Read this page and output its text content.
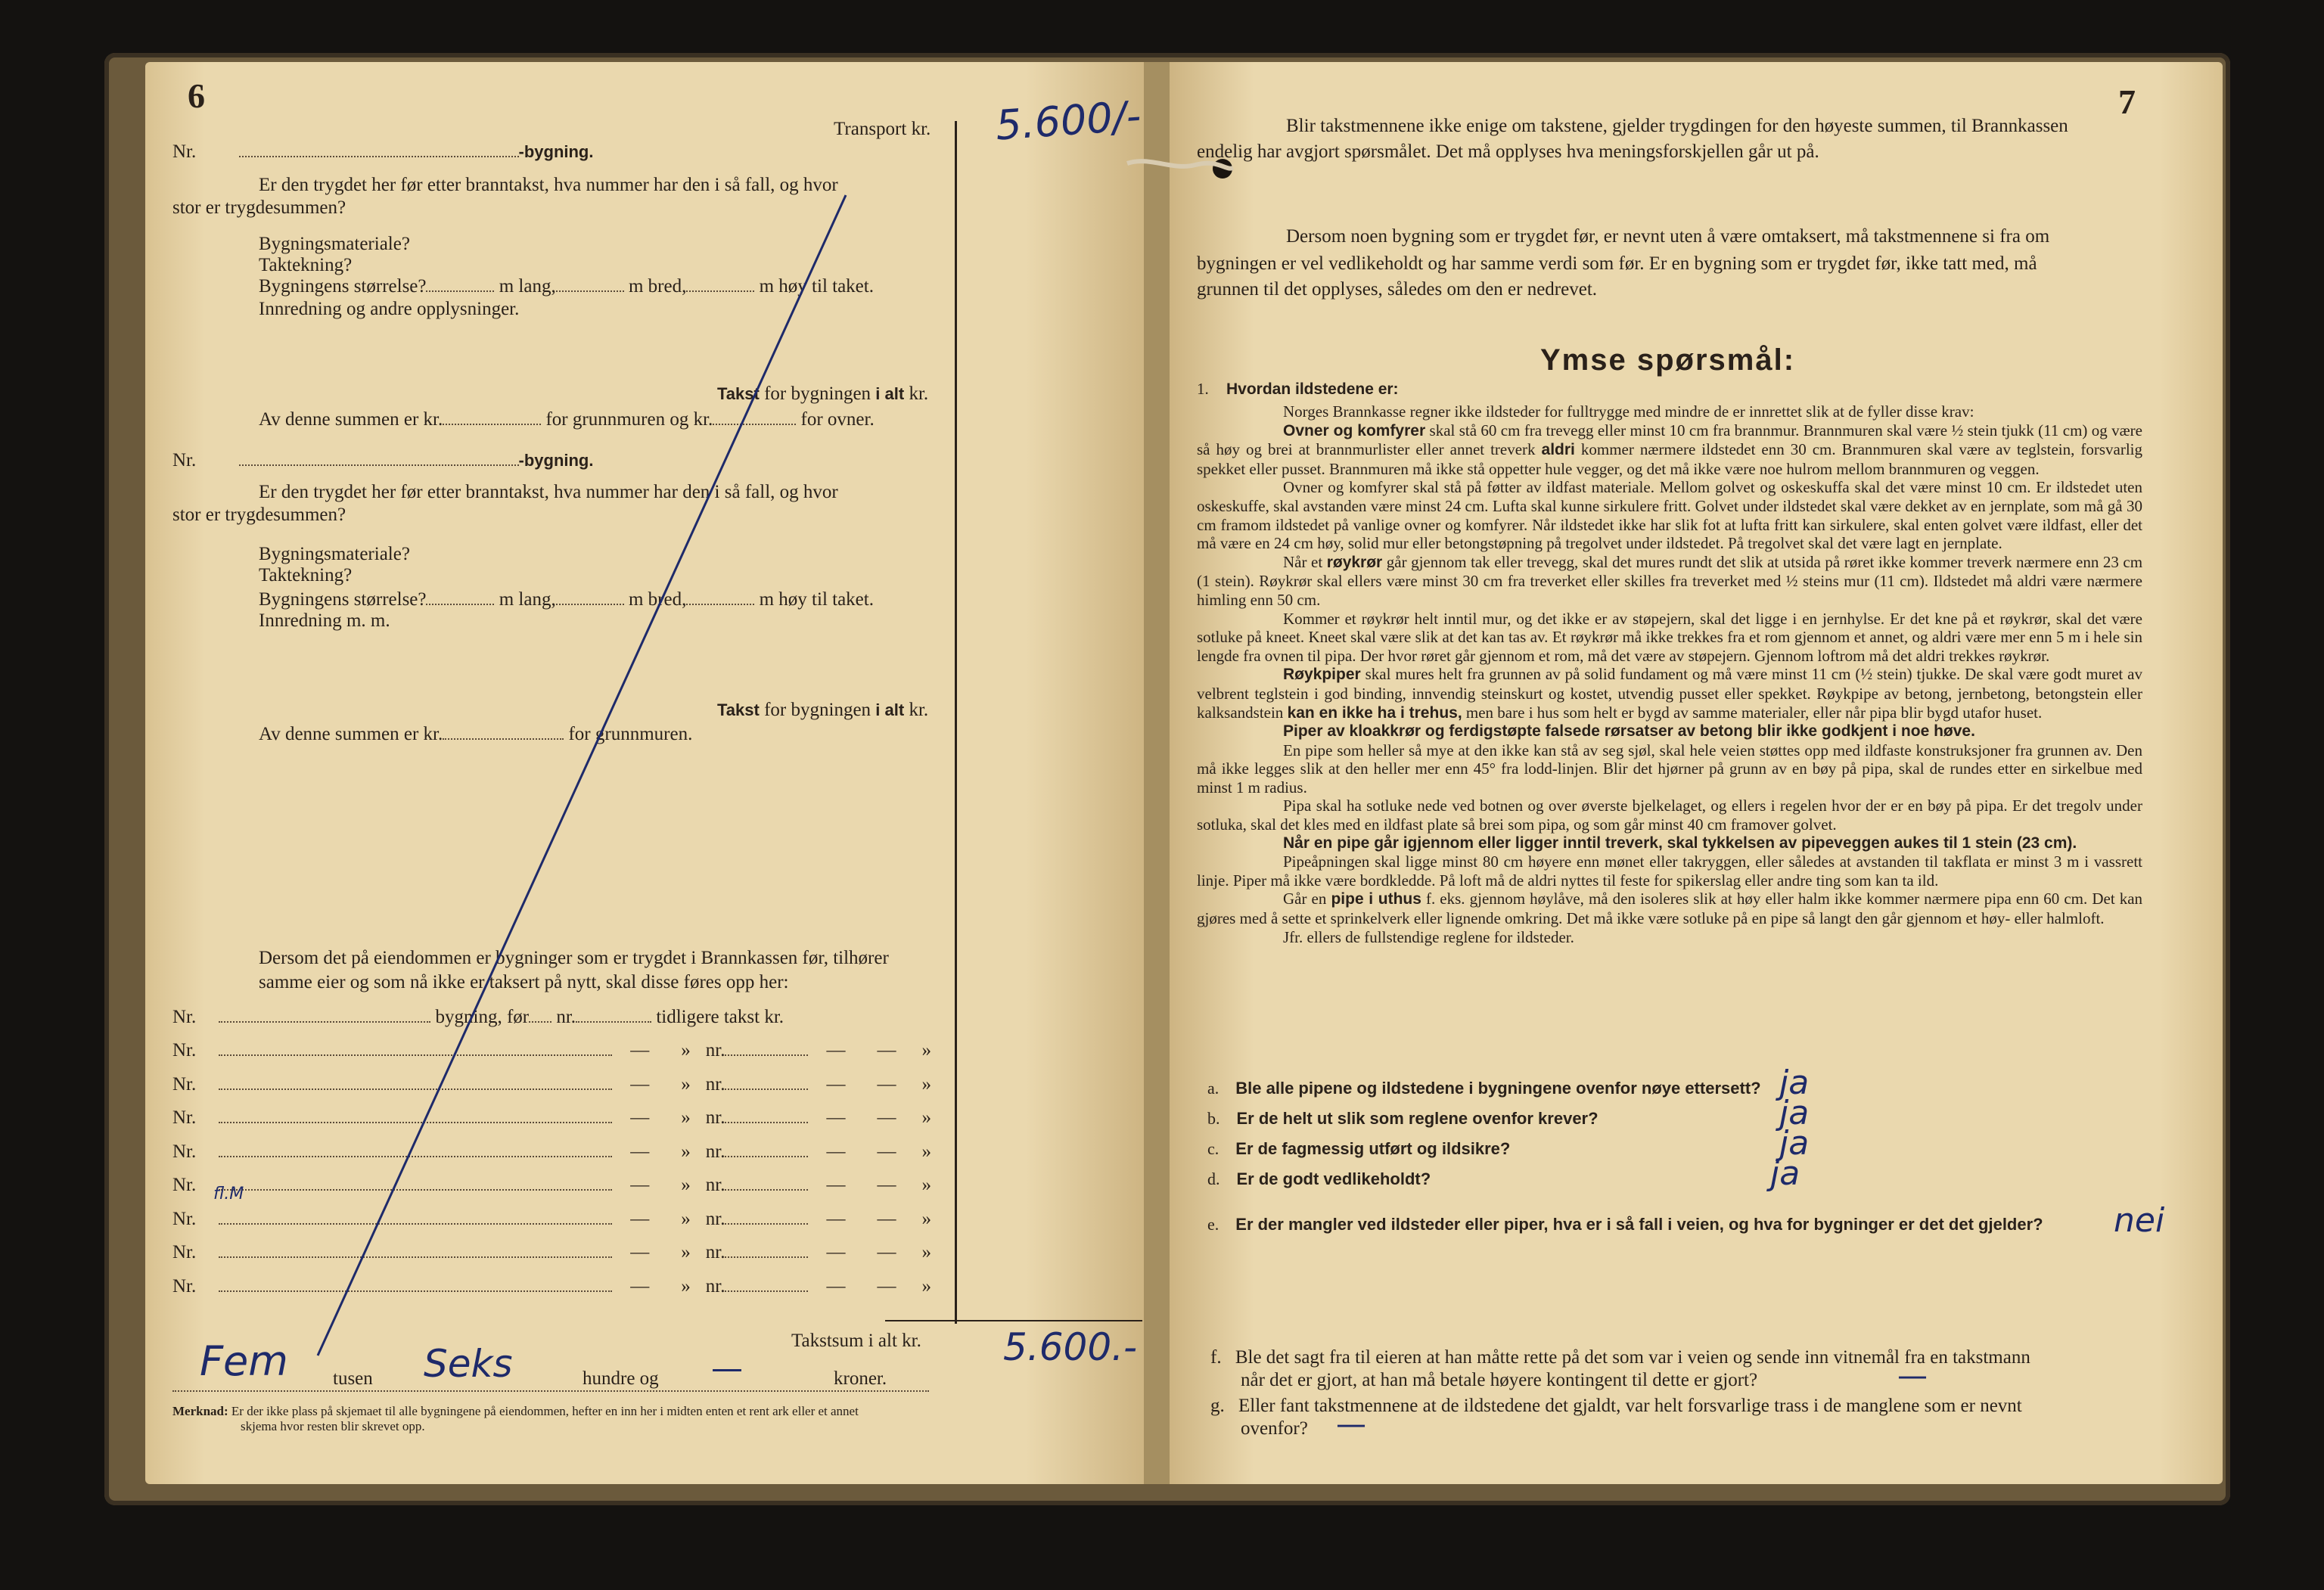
6
Transport kr.
Nr.	-bygning.
Er den trygdet her før etter branntakst, hva nummer har den i så fall, og hvor
stor er trygdesummen?
Bygningsmateriale?
Taktekning?
Bygningens størrelse?	m lang,	m bred,	m høy til taket.
Innredning og andre opplysninger.
Takst for bygningen i alt kr.
Av denne summen er kr.	for grunnmuren og kr.	for ovner.
Nr.	-bygning.
Er den trygdet her før etter branntakst, hva nummer har den i så fall, og hvor
stor er trygdesummen?
Bygningsmateriale?
Taktekning?
Bygningens størrelse?	m lang,	m bred,	m høy til taket.
Innredning m. m.
Takst for bygningen i alt kr.
Av denne summen er kr.	for grunnmuren.
Dersom det på eiendommen er bygninger som er trygdet i Brannkassen før, tilhører
samme eier og som nå ikke er taksert på nytt, skal disse føres opp her:
Nr.	bygning, før nr.	tidligere takst kr.
Nr.	— » nr.	— — »
Nr.	— » nr.	— — »
Nr.	— » nr.	— — »
Nr.	— » nr.	— — »
Nr.	— » nr.	— — »
Nr.	— » nr.	— — »
Nr.	— » nr.	— — »
Nr.	— » nr.	— — »
Takstsum i alt kr.
tusen	hundre og	kroner.
Merknad: Er der ikke plass på skjemaet til alle bygningene på eiendommen, hefter en inn her i midten enten et rent ark eller et annet
skjema hvor resten blir skrevet opp.
5.600/-
5.600.-
Fem	Seks	—
fl.M
7
Blir takstmennene ikke enige om takstene, gjelder trygdingen for den høyeste summen, til Brannkassen
endelig har avgjort spørsmålet. Det må opplyses hva meningsforskjellen går ut på.
Dersom noen bygning som er trygdet før, er nevnt uten å være omtaksert, må takstmennene si fra om
bygningen er vel vedlikeholdt og har samme verdi som før. Er en bygning som er trygdet før, ikke tatt med, må
grunnen til det opplyses, således om den er nedrevet.
Ymse spørsmål:
1. Hvordan ildstedene er:
Norges Brannkasse regner ikke ildsteder for fulltrygge med mindre de er innrettet slik at de fyller disse krav:
Ovner og komfyrer skal stå 60 cm fra trevegg eller minst 10 cm fra brannmur. Brannmuren skal være ½ stein tjukk (11 cm) og være så høy og brei at brannmurlister eller annet treverk aldri kommer nærmere ildstedet enn 30 cm. Brannmuren skal være av teglstein, forsvarlig spekket eller pusset. Brannmuren må ikke stå oppetter hule vegger, og det må ikke være noe hulrom mellom brannmuren og veggen.
Ovner og komfyrer skal stå på føtter av ildfast materiale. Mellom golvet og oskeskuffa skal det være minst 10 cm. Er ildstedet uten oskeskuffe, skal avstanden være minst 24 cm. Lufta skal kunne sirkulere fritt. Golvet under ildstedet skal være dekket av en jernplate, som må gå 30 cm framom ildstedet på vanlige ovner og komfyrer. Når ildstedet ikke har slik fot at lufta fritt kan sirkulere, skal enten golvet være ildfast, eller det må være en 24 cm høy, solid mur eller betongstøpning på tregolvet under ildstedet. På tregolvet skal det være lagt en jernplate.
Når et røykrør går gjennom tak eller trevegg, skal det mures rundt det slik at utsida på røret ikke kommer treverk nærmere enn 23 cm (1 stein). Røykrør skal ellers være minst 30 cm fra treverket eller skilles fra treverket med ½ steins mur (11 cm). Ildstedet må aldri være nærmere himling enn 50 cm.
Kommer et røykrør helt inntil mur, og det ikke er av støpejern, skal det ligge i en jernhylse. Er det kne på et røykrør, skal det være sotluke på kneet. Kneet skal være slik at det kan tas av. Et røykrør må ikke trekkes fra et rom gjennom et annet, og aldri være mer enn 5 m i hele sin lengde fra ovnen til pipa. Der hvor røret går gjennom et rom, må det være av støpejern. Gjennom loftrom må det aldri trekkes røykrør.
Røykpiper skal mures helt fra grunnen av på solid fundament og må være minst 11 cm (½ stein) tjukke. De skal være godt muret av velbrent teglstein i god binding, innvendig steinskurt og kostet, utvendig pusset eller spekket. Røykpipe av betong, jernbetong, betongstein eller kalksandstein kan en ikke ha i trehus, men bare i hus som helt er bygd av samme materialer, eller når pipa blir bygd utafor huset.
Piper av kloakkrør og ferdigstøpte falsede rørsatser av betong blir ikke godkjent i noe høve.
En pipe som heller så mye at den ikke kan stå av seg sjøl, skal hele veien støttes opp med ildfaste konstruksjoner fra grunnen av. Den må ikke legges slik at den heller mer enn 45° fra lodd-linjen. Blir det hjørner på grunn av en bøy på pipa, skal de rundes etter en sirkelbue med minst 1 m radius.
Pipa skal ha sotluke nede ved botnen og over øverste bjelkelaget, og ellers i regelen hvor der er en bøy på pipa. Er det tregolv under sotluka, skal det kles med en ildfast plate så brei som pipa, og som går minst 40 cm framover golvet.
Når en pipe går igjennom eller ligger inntil treverk, skal tykkelsen av pipeveggen aukes til 1 stein (23 cm).
Pipeåpningen skal ligge minst 80 cm høyere enn mønet eller takryggen, eller således at avstanden til takflata er minst 3 m i vassrett linje. Piper må ikke være bordkledde. På loft må de aldri nyttes til feste for spikerslag eller andre ting som kan ta ild.
Går en pipe i uthus f. eks. gjennom høylåve, må den isoleres slik at høy eller halm ikke kommer nærmere pipa enn 60 cm. Det kan gjøres med å sette et sprinkelverk eller lignende omkring. Det må ikke være sotluke på en pipe så langt den går gjennom et høy- eller halmloft.
Jfr. ellers de fullstendige reglene for ildsteder.
a. Ble alle pipene og ildstedene i bygningene ovenfor nøye ettersett? ja
b. Er de helt ut slik som reglene ovenfor krever?	ja
c. Er de fagmessig utført og ildsikre?	ja
d. Er de godt vedlikeholdt?	ja
e. Er der mangler ved ildsteder eller piper, hva er i så fall i veien, og hva for bygninger er det det gjelder? nei
f. Ble det sagt fra til eieren at han måtte rette på det som var i veien og sende inn vitnemål fra en takstmann
når det er gjort, at han må betale høyere kontingent til dette er gjort?	—
g. Eller fant takstmennene at de ildstedene det gjaldt, var helt forsvarlige trass i de manglene som er nevnt
ovenfor? —
